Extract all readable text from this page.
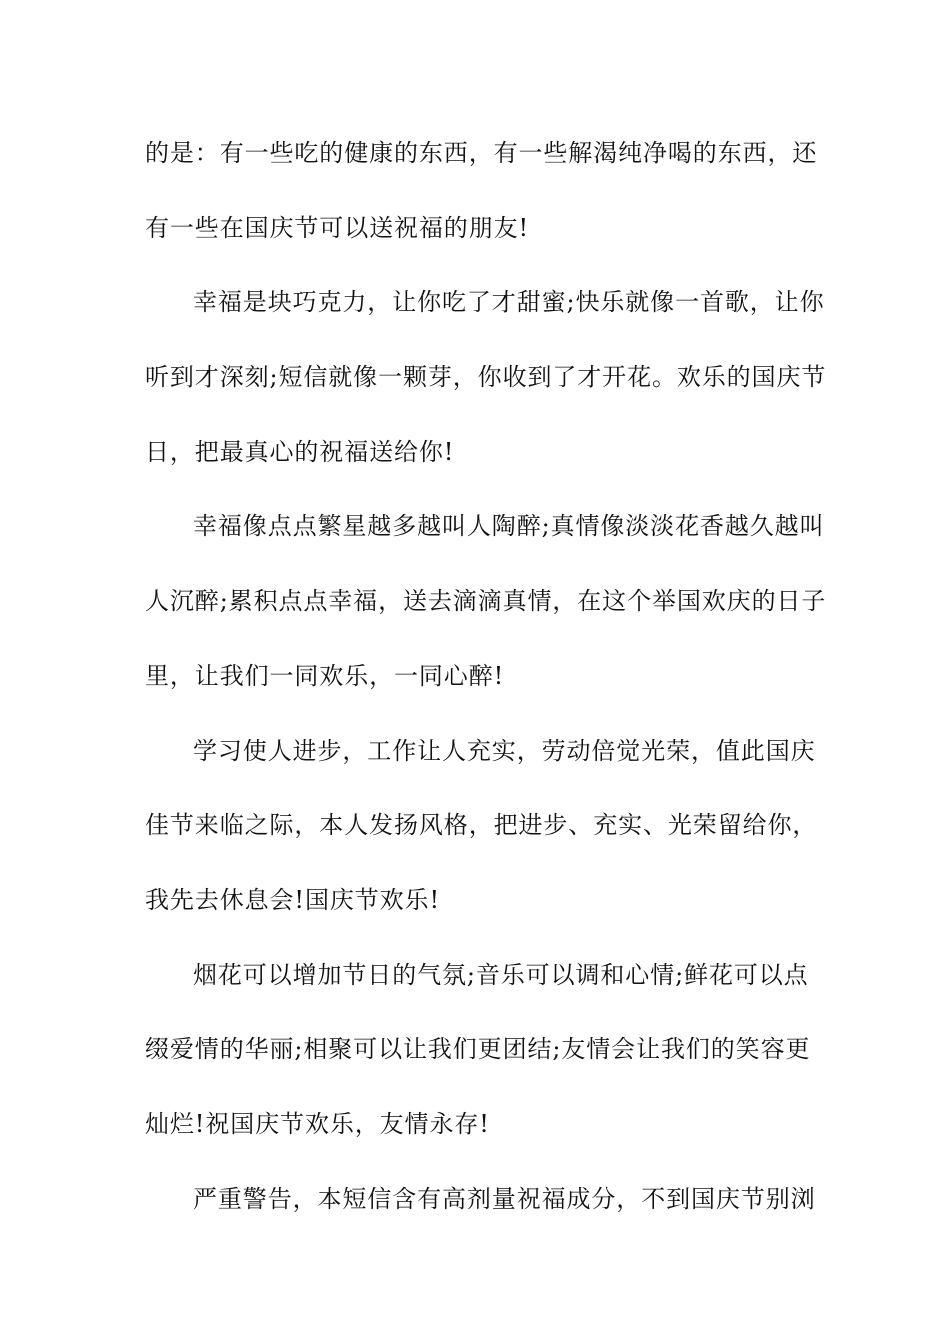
的是：有一些吃的健康的东西，有一些解渴纯净喝的东西，还
有一些在国庆节可以送祝福的朋友!
幸福是块巧克力，让你吃了才甜蜜;快乐就像一首歌，让你
听到才深刻;短信就像一颗芽，你收到了才开花。欢乐的国庆节
日，把最真心的祝福送给你!
幸福像点点繁星越多越叫人陶醉;真情像淡淡花香越久越叫
人沉醉;累积点点幸福，送去滴滴真情，在这个举国欢庆的日子
里，让我们一同欢乐，一同心醉!
学习使人进步，工作让人充实，劳动倍觉光荣，值此国庆
佳节来临之际，本人发扬风格，把进步、充实、光荣留给你，
我先去休息会!国庆节欢乐!
烟花可以增加节日的气氛;音乐可以调和心情;鲜花可以点
缀爱情的华丽;相聚可以让我们更团结;友情会让我们的笑容更
灿烂!祝国庆节欢乐，友情永存!
严重警告，本短信含有高剂量祝福成分，不到国庆节别浏
